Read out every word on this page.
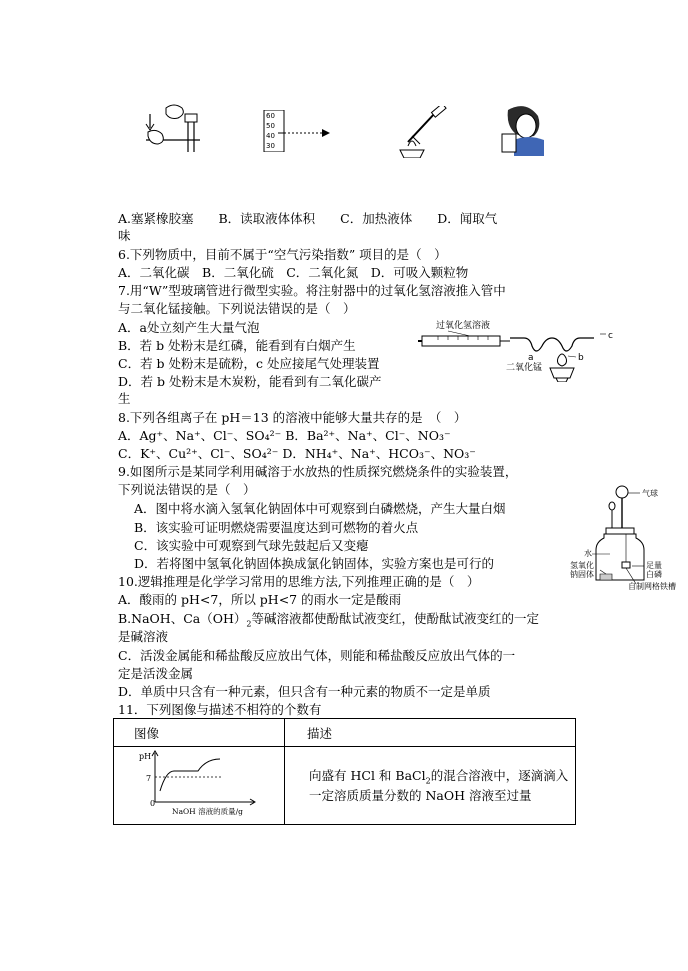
60
50
40
30
A.塞紧橡胶塞　　B．读取液体体积　　C．加热液体　　D．闻取气
味
6.下列物质中，目前不属于“空气污染指数” 项目的是（　）
A．二氧化碳　B．二氧化硫　C．二氧化氮　D．可吸入颗粒物
7.用“W”型玻璃管进行微型实验。将注射器中的过氧化氢溶液推入管中
与二氧化锰接触。下列说法错误的是（　）
A．a处立刻产生大量气泡
B．若 b 处粉末是红磷，能看到有白烟产生
C．若 b 处粉末是硫粉，c 处应接尾气处理装置
D．若 b 处粉末是木炭粉，能看到有二氧化碳产
生
过氧化氢溶液
a	b
c
二氧化锰
8.下列各组离子在 pH＝13 的溶液中能够大量共存的是　（　）
A．Ag⁺、Na⁺、Cl⁻、SO₄²⁻ B．Ba²⁺、Na⁺、Cl⁻、NO₃⁻
C．K⁺、Cu²⁺、Cl⁻、SO₄²⁻ D．NH₄⁺、Na⁺、HCO₃⁻、NO₃⁻
9.如图所示是某同学利用碱溶于水放热的性质探究燃烧条件的实验装置，
下列说法错误的是（　）
A．图中将水滴入氢氧化钠固体中可观察到白磷燃烧，产生大量白烟
B．该实验可证明燃烧需要温度达到可燃物的着火点
C．该实验中可观察到气球先鼓起后又变瘪
D．若将图中氢氧化钠固体换成氯化钠固体，实验方案也是可行的
气球
水
氢氧化
钠固体
足量
白磷
自制网格铁槽
10.逻辑推理是化学学习常用的思维方法,下列推理正确的是（　）
A．酸雨的 pH<7，所以 pH<7 的雨水一定是酸雨
B.NaOH、$Ca(OH)_2$等碱溶液都使酚酞试液变红，使酚酞试液变红的一定
是碱溶液
C．活泼金属能和稀盐酸反应放出气体，则能和稀盐酸反应放出气体的一
定是活泼金属
D．单质中只含有一种元素，但只含有一种元素的物质不一定是单质
11．下列图像与描述不相符的个数有
图像	描述

pH
7
0
NaOH 溶液的质量/g	向盛有 HCl 和 BaCl$_2$的混合溶液中，逐滴滴入
一定溶质质量分数的 NaOH 溶液至过量
